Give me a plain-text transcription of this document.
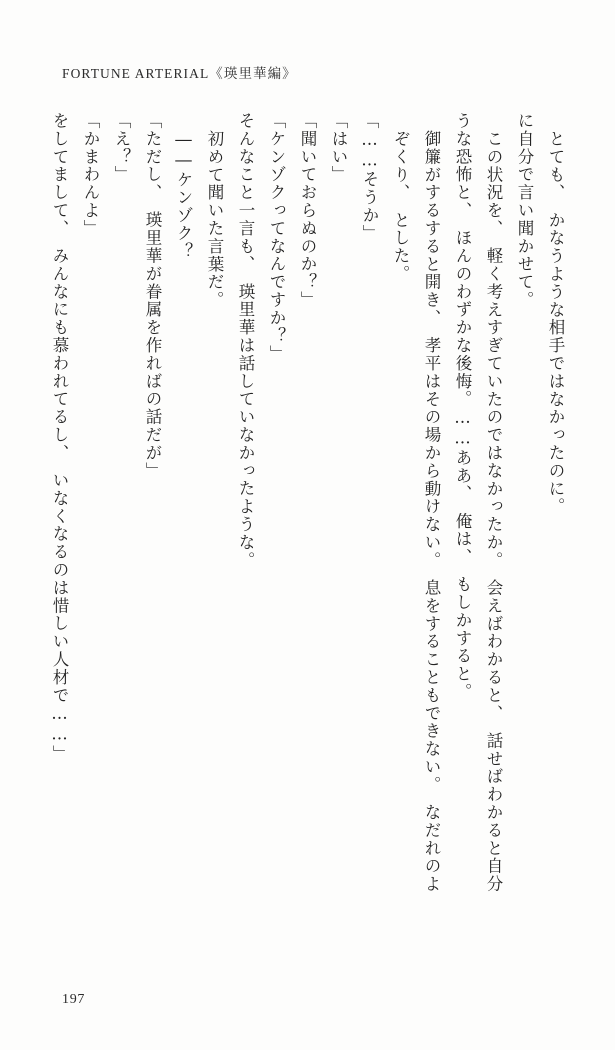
FORTUNE ARTERIAL《瑛里華編》
をしてまして、　みんなにも慕われてるし、　いなくなるのは惜しい人材で……」 「かまわんよ」 「え？」 「ただし、　瑛里華が眷属を作ればの話だが」 ――ケンゾク？ 初めて聞いた言葉だ。 そんなこと一言も、　瑛里華は話していなかったような。 「ケンゾクってなんですか？」 「聞いておらぬのか？」 「はい」 「……そうか」 ぞくり、　とした。 御簾がするすると開き、　孝平はその場から動けない。　息をすることもできない。　なだれのよ うな恐怖と、　ほんのわずかな後悔。……ああ、　俺は、　もしかすると。 この状況を、　軽く考えすぎていたのではなかったか。　会えばわかると、　話せばわかると自分 に自分で言い聞かせて。 とても、　かなうような相手ではなかったのに。
197
